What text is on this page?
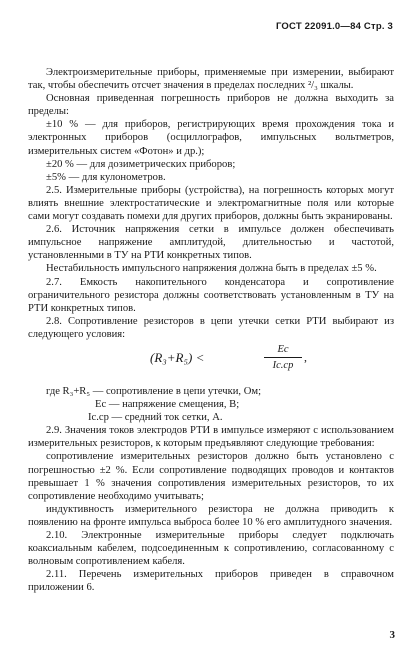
ГОСТ 22091.0—84 Стр. 3

Электроизмерительные приборы, применяемые при измерении, выбирают так, чтобы обеспечить отсчет значения в пределах последних ²/₃ шкалы.

Основная приведенная погрешность приборов не должна выходить за пределы:

±10 % — для приборов, регистрирующих время прохождения тока и электронных приборов (осциллографов, импульсных вольтметров, измерительных систем «Фотон» и др.);

±20 % — для дозиметрических приборов;

±5% — для кулонометров.

2.5. Измерительные приборы (устройства), на погрешность которых могут влиять внешние электростатические и электромагнитные поля или которые сами могут создавать помехи для других приборов, должны быть экранированы.

2.6. Источник напряжения сетки в импульсе должен обеспечивать импульсное напряжение амплитудой, длительностью и частотой, установленными в ТУ на РТИ конкретных типов.

Нестабильность импульсного напряжения должна быть в пределах ±5 %.

2.7. Емкость накопительного конденсатора и сопротивление ограничительного резистора должны соответствовать установленным в ТУ на РТИ конкретных типов.

2.8. Сопротивление резисторов в цепи утечки сетки РТИ выбирают из следующего условия:

(R₃+R₅) <
Eс
Iс.ср
,

где R₃+R₅ — сопротивление в цепи утечки, Ом;

Eс — напряжение смещения, В;

Iс.ср — средний ток сетки, А.

2.9. Значения токов электродов РТИ в импульсе измеряют с использованием измерительных резисторов, к которым предъявляют следующие требования:

сопротивление измерительных резисторов должно быть установлено с погрешностью ±2 %. Если сопротивление подводящих проводов и контактов превышает 1 % значения сопротивления измерительных резисторов, то их сопротивление необходимо учитывать;

индуктивность измерительного резистора не должна приводить к появлению на фронте импульса выброса более 10 % его амплитудного значения.

2.10. Электронные измерительные приборы следует подключать коаксиальным кабелем, подсоединенным к сопротивлению, согласованному с волновым сопротивлением кабеля.

2.11. Перечень измерительных приборов приведен в справочном приложении 6.

3
